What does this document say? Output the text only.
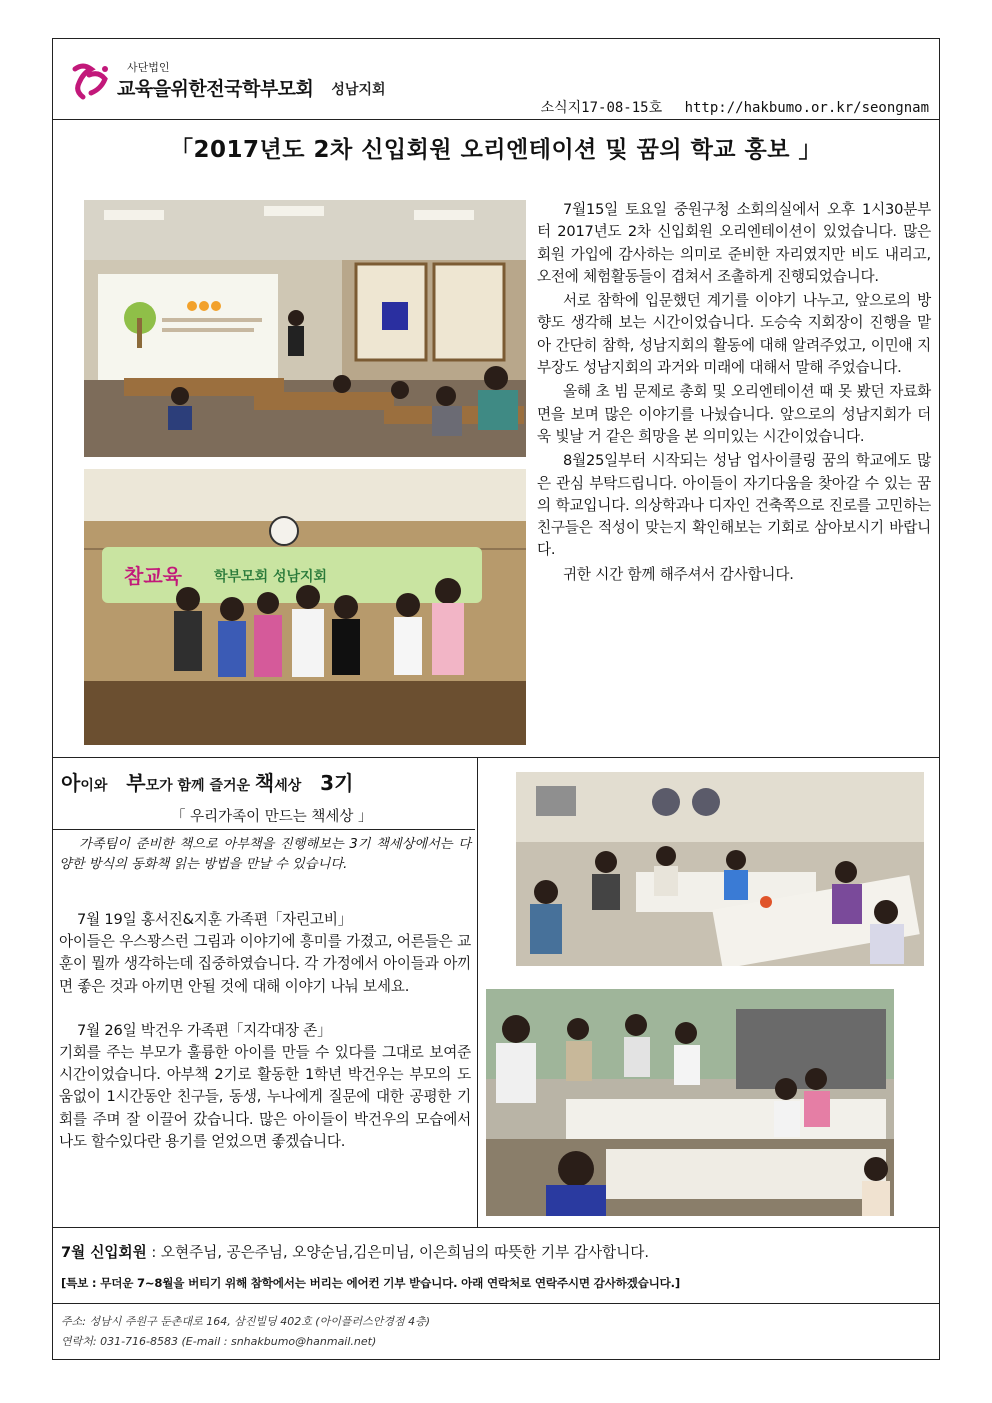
교육을위한전국학부모회 성남지회
사단법인
소식지17-08-15호 http://hakbumo.or.kr/seongnam
「2017년도 2차 신입회원 오리엔테이션 및 꿈의 학교 홍보 」
참교육 학부모회 성남지회

7월15일 토요일 중원구청 소회의실에서 오후 1시30분부터 2017년도 2차 신입회원 오리엔테이션이 있었습니다. 많은 회원 가입에 감사하는 의미로 준비한 자리였지만 비도 내리고, 오전에 체험활동들이 겹쳐서 조촐하게 진행되었습니다.

서로 참학에 입문했던 계기를 이야기 나누고, 앞으로의 방향도 생각해 보는 시간이었습니다. 도승숙 지회장이 진행을 맡아 간단히 참학, 성남지회의 활동에 대해 알려주었고, 이민애 지부장도 성남지회의 과거와 미래에 대해서 말해 주었습니다.

올해 초 빔 문제로 총회 및 오리엔테이션 때 못 봤던 자료화면을 보며 많은 이야기를 나눴습니다. 앞으로의 성남지회가 더욱 빛날 거 같은 희망을 본 의미있는 시간이었습니다.

8월25일부터 시작되는 성남 업사이클링 꿈의 학교에도 많은 관심 부탁드립니다. 아이들이 자기다움을 찾아갈 수 있는 꿈의 학교입니다. 의상학과나 디자인 건축쪽으로 진로를 고민하는 친구들은 적성이 맞는지 확인해보는 기회로 삼아보시기 바랍니다.

귀한 시간 함께 해주셔서 감사합니다.

아이와 부모가 함께 즐거운 책세상 3기
「 우리가족이 만드는 책세상 」

가족팀이 준비한 책으로 아부책을 진행해보는 3기 책세상에서는 다양한 방식의 동화책 읽는 방법을 만날 수 있습니다.

7월 19일 홍서진&지훈 가족편「자린고비」

아이들은 우스꽝스런 그림과 이야기에 흥미를 가졌고, 어른들은 교훈이 뭘까 생각하는데 집중하였습니다. 각 가정에서 아이들과 아끼면 좋은 것과 아끼면 안될 것에 대해 이야기 나눠 보세요.

7월 26일 박건우 가족편「지각대장 존」

기회를 주는 부모가 훌륭한 아이를 만들 수 있다를 그대로 보여준 시간이었습니다. 아부책 2기로 활동한 1학년 박건우는 부모의 도움없이 1시간동안 친구들, 동생, 누나에게 질문에 대한 공평한 기회를 주며 잘 이끌어 갔습니다. 많은 아이들이 박건우의 모습에서 나도 할수있다란 용기를 얻었으면 좋겠습니다.

7월 신입회원 : 오현주님, 공은주님, 오양순님,김은미님, 이은희님의 따뜻한 기부 감사합니다.
[특보 : 무더운 7~8월을 버티기 위해 참학에서는 버리는 에어컨 기부 받습니다. 아래 연락처로 연락주시면 감사하겠습니다.]
주소: 성남시 주원구 둔촌대로 164, 삼진빌딩 402호 (아이플러스안경점 4층)
연락처: 031-716-8583 (E-mail : snhakbumo@hanmail.net)
